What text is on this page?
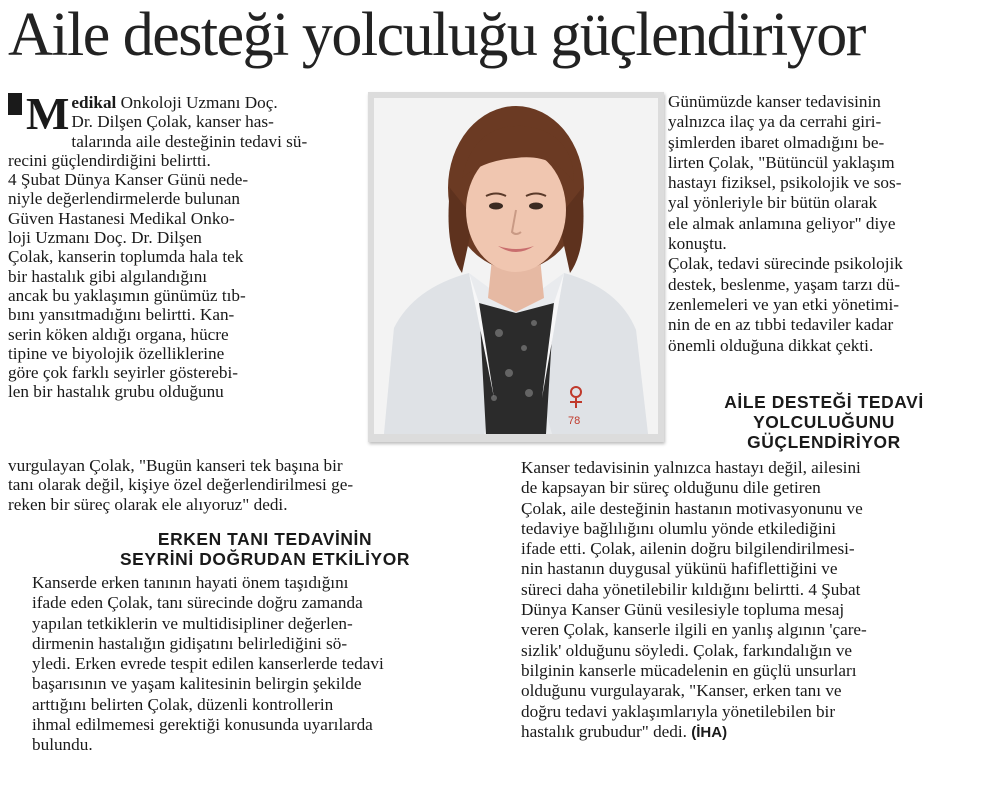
Aile desteği yolculuğu güçlendiriyor
M edikal Onkoloji Uzmanı Doç.
Dr. Dilşen Çolak, kanser has-
talarında aile desteğinin tedavi sü-
recini güçlendirdiğini belirtti.
4 Şubat Dünya Kanser Günü nede-
niyle değerlendirmelerde bulunan
Güven Hastanesi Medikal Onko-
loji Uzmanı Doç. Dr. Dilşen
Çolak, kanserin toplumda hala tek
bir hastalık gibi algılandığını
ancak bu yaklaşımın günümüz tıb-
bını yansıtmadığını belirtti. Kan-
serin köken aldığı organa, hücre
tipine ve biyolojik özelliklerine
göre çok farklı seyirler gösterebi-
len bir hastalık grubu olduğunu
78
vurgulayan Çolak, "Bugün kanseri tek başına bir
tanı olarak değil, kişiye özel değerlendirilmesi ge-
reken bir süreç olarak ele alıyoruz" dedi.
ERKEN TANI TEDAVİNİN
SEYRİNİ DOĞRUDAN ETKİLİYOR
Kanserde erken tanının hayati önem taşıdığını
ifade eden Çolak, tanı sürecinde doğru zamanda
yapılan tetkiklerin ve multidisipliner değerlen-
dirmenin hastalığın gidişatını belirlediğini sö-
yledi. Erken evrede tespit edilen kanserlerde tedavi
başarısının ve yaşam kalitesinin belirgin şekilde
arttığını belirten Çolak, düzenli kontrollerin
ihmal edilmemesi gerektiği konusunda uyarılarda
bulundu.
Günümüzde kanser tedavisinin
yalnızca ilaç ya da cerrahi giri-
şimlerden ibaret olmadığını be-
lirten Çolak, "Bütüncül yaklaşım
hastayı fiziksel, psikolojik ve sos-
yal yönleriyle bir bütün olarak
ele almak anlamına geliyor" diye
konuştu.
Çolak, tedavi sürecinde psikolojik
destek, beslenme, yaşam tarzı dü-
zenlemeleri ve yan etki yönetimi-
nin de en az tıbbi tedaviler kadar
önemli olduğuna dikkat çekti.
AİLE DESTEĞİ TEDAVİ
YOLCULUĞUNU
GÜÇLENDİRİYOR
Kanser tedavisinin yalnızca hastayı değil, ailesini
de kapsayan bir süreç olduğunu dile getiren
Çolak, aile desteğinin hastanın motivasyonunu ve
tedaviye bağlılığını olumlu yönde etkilediğini
ifade etti. Çolak, ailenin doğru bilgilendirilmesi-
nin hastanın duygusal yükünü hafiflettiğini ve
süreci daha yönetilebilir kıldığını belirtti. 4 Şubat
Dünya Kanser Günü vesilesiyle topluma mesaj
veren Çolak, kanserle ilgili en yanlış algının 'çare-
sizlik' olduğunu söyledi. Çolak, farkındalığın ve
bilginin kanserle mücadelenin en güçlü unsurları
olduğunu vurgulayarak, "Kanser, erken tanı ve
doğru tedavi yaklaşımlarıyla yönetilebilen bir
hastalık grubudur" dedi. (İHA)
